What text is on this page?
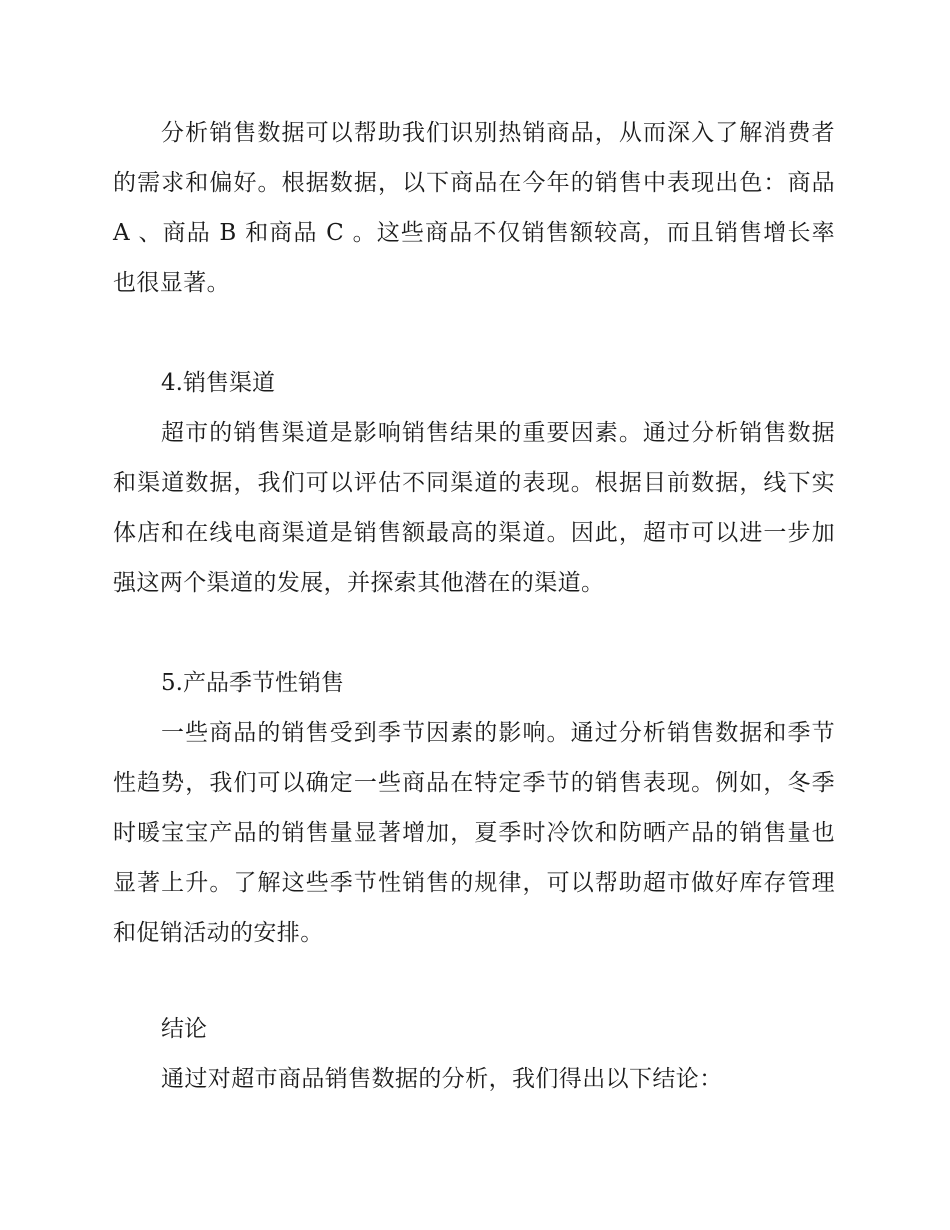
分析销售数据可以帮助我们识别热销商品，从而深入了解消费者的需求和偏好。根据数据，以下商品在今年的销售中表现出色：商品 A 、商品 B 和商品 C 。这些商品不仅销售额较高，而且销售增长率也很显著。

4.销售渠道

超市的销售渠道是影响销售结果的重要因素。通过分析销售数据和渠道数据，我们可以评估不同渠道的表现。根据目前数据，线下实体店和在线电商渠道是销售额最高的渠道。因此，超市可以进一步加强这两个渠道的发展，并探索其他潜在的渠道。

5.产品季节性销售

一些商品的销售受到季节因素的影响。通过分析销售数据和季节性趋势，我们可以确定一些商品在特定季节的销售表现。例如，冬季时暖宝宝产品的销售量显著增加，夏季时冷饮和防晒产品的销售量也显著上升。了解这些季节性销售的规律，可以帮助超市做好库存管理和促销活动的安排。

结论

通过对超市商品销售数据的分析，我们得出以下结论：
